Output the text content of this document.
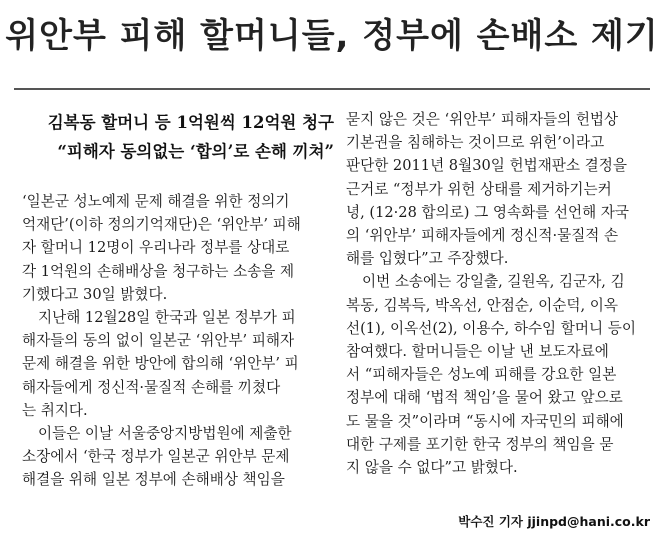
위안부 피해 할머니들, 정부에 손배소 제기
김복동 할머니 등 1억원씩 12억원 청구
“피해자 동의없는 ‘합의’로 손해 끼쳐”

‘일본군 성노예제 문제 해결을 위한 정의기
억재단’(이하 정의기억재단)은 ‘위안부’ 피해
자 할머니 12명이 우리나라 정부를 상대로
각 1억원의 손해배상을 청구하는 소송을 제
기했다고 30일 밝혔다.

지난해 12월28일 한국과 일본 정부가 피
해자들의 동의 없이 일본군 ‘위안부’ 피해자
문제 해결을 위한 방안에 합의해 ‘위안부’ 피
해자들에게 정신적·물질적 손해를 끼쳤다
는 취지다.

이들은 이날 서울중앙지방법원에 제출한
소장에서 ‘한국 정부가 일본군 위안부 문제
해결을 위해 일본 정부에 손해배상 책임을

묻지 않은 것은 ‘위안부’ 피해자들의 헌법상
기본권을 침해하는 것이므로 위헌’이라고
판단한 2011년 8월30일 헌법재판소 결정을
근거로 “정부가 위헌 상태를 제거하기는커
녕, (12·28 합의로) 그 영속화를 선언해 자국
의 ‘위안부’ 피해자들에게 정신적·물질적 손
해를 입혔다”고 주장했다.

이번 소송에는 강일출, 길원옥, 김군자, 김
복동, 김복득, 박옥선, 안점순, 이순덕, 이옥
선(1), 이옥선(2), 이용수, 하수임 할머니 등이
참여했다. 할머니들은 이날 낸 보도자료에
서 “피해자들은 성노예 피해를 강요한 일본
정부에 대해 ‘법적 책임’을 물어 왔고 앞으로
도 물을 것”이라며 “동시에 자국민의 피해에
대한 구제를 포기한 한국 정부의 책임을 묻
지 않을 수 없다”고 밝혔다.

박수진 기자 jjinpd@hani.co.kr
